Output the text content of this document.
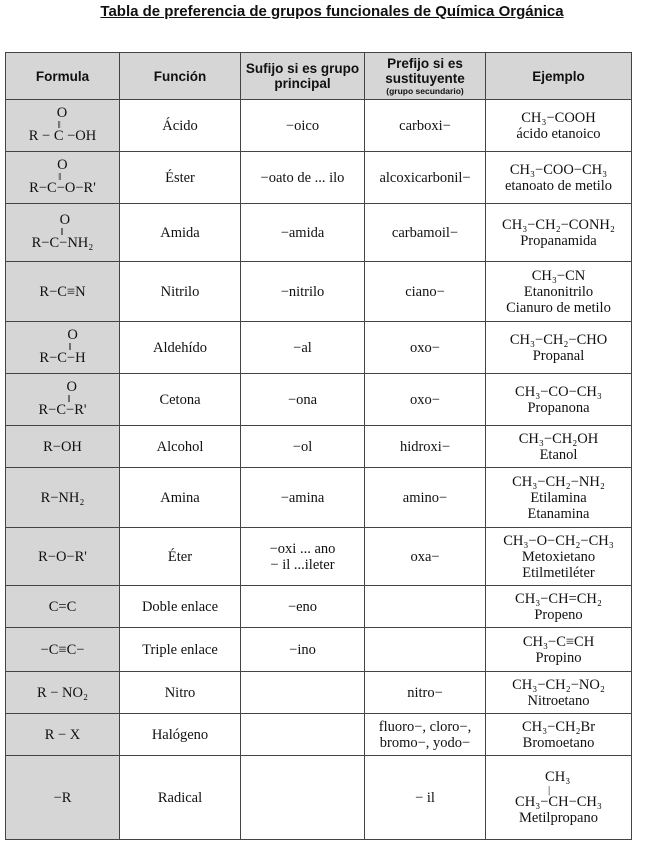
Tabla de preferencia de grupos funcionales de Química Orgánica
Formula	Función	Sufijo si es grupo principal	Prefijo si es sustituyente
(grupo secundario)	Ejemplo

O
‖
R − C −OH	Ácido	−oico	carboxi−	CH₃−COOH
ácido etanoico

O
‖
R−C−O−R'	Éster	−oato de ... ilo	alcoxicarbonil−	CH₃−COO−CH₃
etanoato de metilo

O
‖
R−C−NH₂	Amida	−amida	carbamoil−	CH₃−CH₂−CONH₂
Propanamida

R−C≡N	Nitrilo	−nitrilo	ciano−	CH₃−CN
Etanonitrilo
Cianuro de metilo

O
‖
R−C−H	Aldehído	−al	oxo−	CH₃−CH₂−CHO
Propanal

O
‖
R−C−R'	Cetona	−ona	oxo−	CH₃−CO−CH₃
Propanona

R−OH	Alcohol	−ol	hidroxi−	CH₃−CH₂OH
Etanol

R−NH₂	Amina	−amina	amino−	CH₃−CH₂−NH₂
Etilamina
Etanamina

R−O−R'	Éter	−oxi ... ano
− il ...ileter	oxa−	CH₃−O−CH₂−CH₃
Metoxietano
Etilmetiléter

C=C	Doble enlace	−eno		CH₃−CH=CH₂
Propeno

−C≡C−	Triple enlace	−ino		CH₃−C≡CH
Propino

R − NO₂	Nitro		nitro−	CH₃−CH₂−NO₂
Nitroetano

R − X	Halógeno		fluoro−, cloro−,
bromo−, yodo−	CH₃−CH₂Br
Bromoetano

−R	Radical		− il	CH₃
|
CH₃−CH−CH₃
Metilpropano
